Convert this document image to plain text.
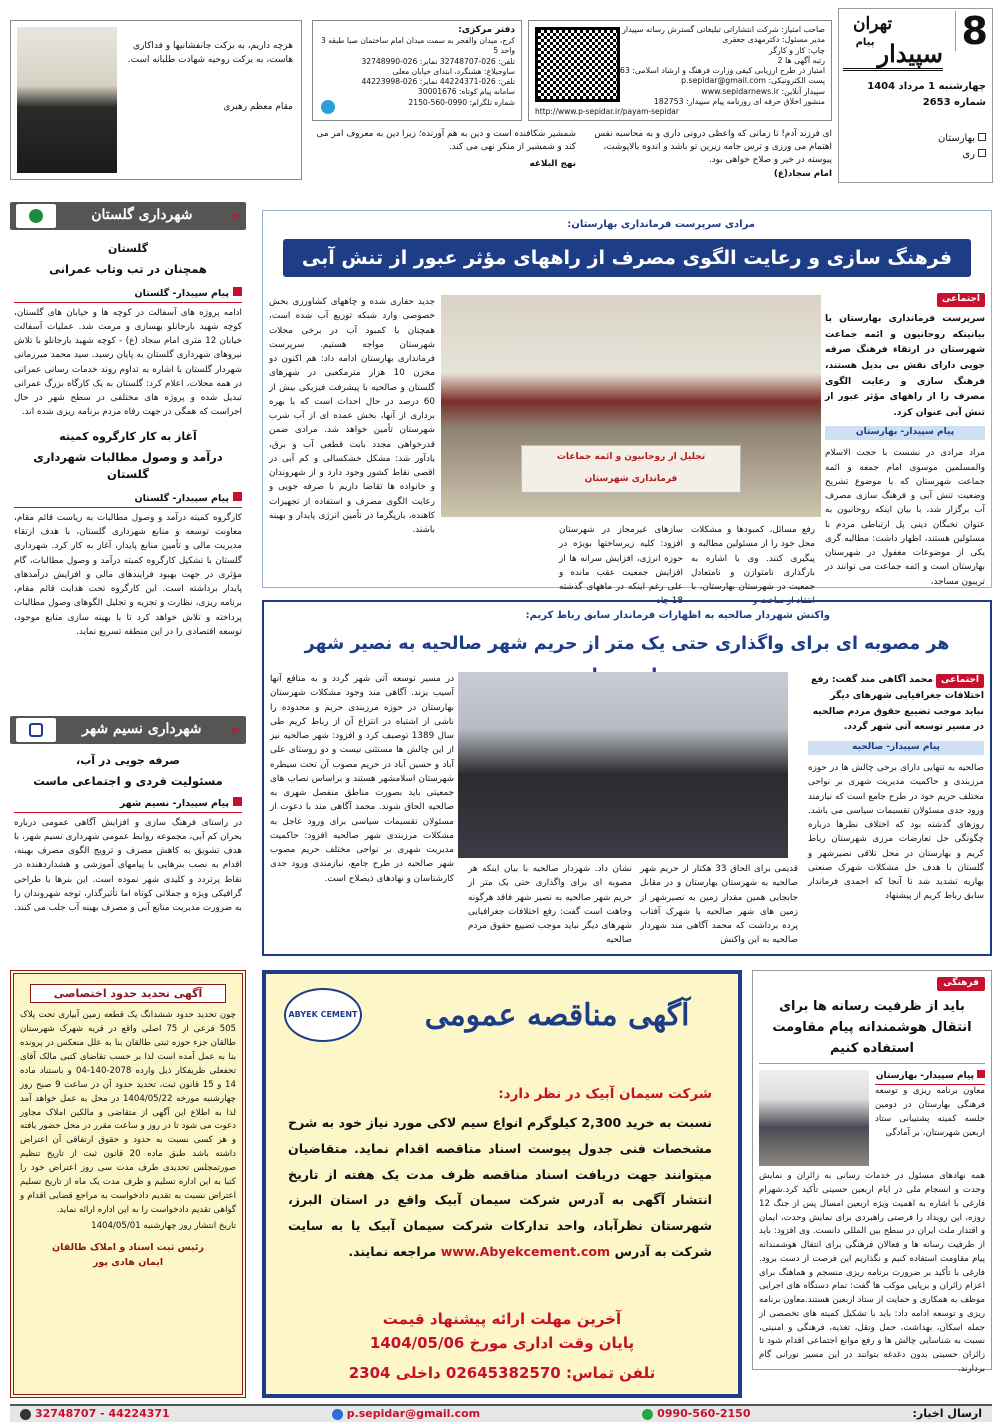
8
تهران
سپیدار پیام
چهارشنبه 1 مرداد 1404
شماره 2653
بهارستان
ری
صاحب امتیاز: شرکت انتشاراتی تبلیغاتی گسترش رسانه سپیدار
مدیر مسئول: دکترمهدی جعفری
چاپ: کار و کارگر
رتبه آگهی ها 2
امتیاز در طرح ارزیابی کیفی وزارت فرهنگ و ارشاد اسلامی: 63
پست الکترونیکی: p.sepidar@gmail.com
سپیدار آنلاین: www.sepidarnews.ir
منشور اخلاق حرفه ای روزنامه پیام سپیدار: 182753
http://www.p-sepidar.ir/payam-sepidar
دفتر مرکزی:
کرج، میدان والفجر به سمت میدان امام ساختمان صبا طبقه 3 واحد 5
تلفن: 026-32748707 نمابر: 026-32748990
ساوجبلاغ: هشتگرد، ابتدای خیابان معلی
تلفن: 026-44224371 نمابر: 026-44223998
سامانه پیام کوتاه: 30001676
شماره تلگرام: 0990-560-2150
ای فرزند آدم! تا زمانی که واعظی درونی داری و به محاسبه نفس اهتمام می ورزی و ترس جامه زیرین تو باشد و اندوه بالاپوشت، پیوسته در خیر و صلاح خواهی بود.
امام سجاد(ع)
شمشیر شکافنده است و دین به هم آورنده؛ زیرا دین به معروف امر می کند و شمشیر از منکر نهی می کند.
نهج البلاغه
هرچه داریم، به برکت جانفشانیها و فداکاری هاست، به برکت روحیه شهادت طلبانه است.
مقام معظم رهبری
«
شهرداری گلستان
گلستان
همچنان در تب وتاب عمرانی
پیام سپیدار- گلستان
ادامه پروژه های آسفالت در کوچه ها و خیابان های گلستان، کوچه شهید بارجانلو بهسازی و مرمت شد. عملیات آسفالت خیابان 12 متری امام سجاد (ع) - کوچه شهید بارجانلو با تلاش نیروهای شهرداری گلستان به پایان رسید. سید محمد میرزمانی شهردار گلستان با اشاره به تداوم روند خدمات رسانی عمرانی در همه محلات، اعلام کرد: گلستان به یک کارگاه بزرگ عمرانی تبدیل شده و پروژه های مختلفی در سطح شهر در حال اجراست که همگی در جهت رفاه مردم برنامه ریزی شده اند.
آغاز به کار کارگروه کمیته
درآمد و وصول مطالبات شهرداری گلستان
پیام سپیدار- گلستان
کارگروه کمیته درآمد و وصول مطالبات به ریاست قائم مقام، معاونت توسعه و منابع شهرداری گلستان، با هدف ارتقاء مدیریت مالی و تأمین منابع پایدار، آغاز به کار کرد. شهرداری گلستان با تشکیل کارگروه کمیته درآمد و وصول مطالبات، گام مؤثری در جهت بهبود فرایندهای مالی و افزایش درآمدهای پایدار برداشته است. این کارگروه تحت هدایت قائم مقام، برنامه ریزی، نظارت و تجزیه و تحلیل الگوهای وصول مطالبات پرداخته و تلاش خواهد کرد تا با بهینه سازی منابع موجود، توسعه اقتصادی را در این منطقه تسریع نماید.
«
شهرداری نسیم شهر
صرفه جویی در آب،
مسئولیت فردی و اجتماعی ماست
پیام سپیدار- نسیم شهر
در راستای فرهنگ سازی و افزایش آگاهی عمومی درباره بحران کم آبی، مجموعه روابط عمومی شهرداری نسیم شهر، با هدف تشویق به کاهش مصرف و ترویج الگوی مصرف بهینه، اقدام به نصب بنرهایی با پیامهای آموزشی و هشداردهنده در نقاط پرتردد و کلیدی شهر نموده است. این بنرها با طراحی گرافیکی ویژه و جملاتی کوتاه اما تأثیرگذار، توجه شهروندان را به ضرورت مدیریت منابع آبی و مصرف بهینه آب جلب می کنند.
مرادی سرپرست فرمانداری بهارستان:
فرهنگ سازی و رعایت الگوی مصرف از راههای مؤثر عبور از تنش آبی
اجتماعی
سرپرست فرمانداری بهارستان با بیانینکه روحانیون و ائمه جماعت شهرستان در ارتقاء فرهنگ صرفه جویی دارای نقش بی بدیل هستند، فرهنگ سازی و رعایت الگوی مصرف را از راههای مؤثر عبور از تنش آبی عنوان کرد.
پیام سپیدار- بهارستان
مراد مرادی در نشست با حجت الاسلام والمسلمین موسوی امام جمعه و ائمه جماعت شهرستان که با موضوع تشریح وضعیت تنش آبی و فرهنگ سازی مصرف آب برگزار شد، با بیان اینکه روحانیون به عنوان نخبگان دینی پل ارتباطی مردم با مسئولین هستند، اظهار داشت: مطالبه گری یکی از موضوعات مغفول در شهرستان بهارستان است و ائمه جماعت می توانند در تریبون مساجد،
تجلیل از روحانیون و ائمه جماعات
فرمانداری شهرستان
رفع مسائل، کمبودها و مشکلات محل خود را از مسئولین مطالبه و پیگیری کنند. وی با اشاره به بارگذاری نامتوازن و نامتعادل جمعیت در شهرستان بهارستان، با انتقاد از ساخت و
سازهای غیرمجاز در شهرستان افزود: کلیه زیرساختها بویژه در حوزه انرژی، افزایش سرانه ها از افزایش جمعیت عقب مانده و علی رغم اینکه در ماههای گذشته 18 چاه
جدید حفاری شده و چاههای کشاورزی بخش خصوصی وارد شبکه توزیع آب شده است، همچنان با کمبود آب در برخی محلات شهرستان مواجه هستیم. سرپرست فرمانداری بهارستان ادامه داد: هم اکنون دو مخزن 10 هزار مترمکعبی در شهرهای گلستان و صالحیه با پیشرفت فیزیکی بیش از 60 درصد در حال احداث است که با بهره برداری از آنها، بخش عمده ای از آب شرب شهرستان تأمین خواهد شد. مرادی ضمن قدرخواهی مجدد بابت قطعی آب و برق، یادآور شد: مشکل خشکسالی و کم آبی در اقصی نقاط کشور وجود دارد و از شهروندان و خانواده ها تقاضا داریم با صرفه جویی و رعایت الگوی مصرف و استفاده از تجهیزات کاهنده، بارپگرما در تأمین انرژی پایدار و بهینه باشند.
واکنش شهردار صالحیه به اظهارات فرماندار سابق رباط کریم:
هر مصوبه ای برای واگذاری حتی یک متر از حریم شهر صالحیه به نصیر شهر
اجتماعی محمد آگاهی مند گفت: رفع اختلافات جغرافیایی شهرهای دیگر نباید موجب تضییع حقوق مردم صالحیه در مسیر توسعه آتی شهر گردد.
پیام سپیدار- صالحیه
صالحیه به تنهایی دارای برخی چالش ها در حوزه مرزبندی و حاکمیت مدیریت شهری بر نواحی مختلف حریم خود در طرح جامع است که نیازمند ورود جدی مسئولان تقسیمات سیاسی می باشد. روزهای گذشته بود که اختلاف نظرها درباره چگونگی حل تعارضات مرزی شهرستان رباط کریم و بهارستان در محل تلاقی نصیرشهر و گلستان با هدف حل مشکلات شهرک صنعتی بهاریه تشدید شد تا آنجا که احمدی فرماندار سابق رباط کریم از پیشنهاد
قدیمی برای الحاق 33 هکتار از حریم شهر صالحیه به شهرستان بهارستان و در مقابل جابجایی همین مقدار زمین به نصیرشهر از زمین های شهر صالحیه با شهرک آفتاب پرده برداشت که محمد آگاهی مند شهردار صالحیه به این واکنش
نشان داد. شهردار صالحیه با بیان اینکه هر مصوبه ای برای واگذاری حتی یک متر از حریم شهر صالحیه به نصیر شهر فاقد هرگونه وجاهت است گفت: رفع اختلافات جغرافیایی شهرهای دیگر نباید موجب تضییع حقوق مردم صالحیه
در مسیر توسعه آتی شهر گردد و به منافع آنها آسیب بزند. آگاهی مند وجود مشکلات شهرستان بهارستان در حوزه مرزبندی حریم و محدوده را ناشی از اشتباه در انتزاع آن از رباط کریم طی سال 1389 توصیف کرد و افزود: شهر صالحیه نیز از این چالش ها مستثنی نیست و دو روستای علی آباد و حسین آباد در حریم مصوب آن تحت سیطره شهرستان اسلامشهر هستند و براساس نصاب های جمعیتی باید بصورت مناطق منفصل شهری به صالحیه الحاق شوند. محمد آگاهی مند با دعوت از مسئولان تقسیمات سیاسی برای ورود عاجل به مشکلات مرزبندی شهر صالحیه افزود: حاکمیت مدیریت شهری بر نواحی مختلف حریم مصوب شهر صالحیه در طرح جامع، نیازمندی ورود جدی کارشناسان و نهادهای ذیصلاح است.
آگهی تحدید حدود اختصاصی
چون تحدید حدود ششدانگ یک قطعه زمین آبیاری تحت پلاک 505 فرعی از 75 اصلی واقع در قریه شهرک شهرستان طالقان جزء حوزه ثبتی طالقان بنا به علل منعکس در پرونده بنا به عمل آمده است لذا بر حسب تقاضای کتبی مالک آقای تحفعلی ظریفکار ذیل وارده 2078-140-04 و باستناد ماده 14 و 15 قانون ثبت، تحدید حدود آن در ساعت 9 صبح روز چهارشنبه مورخه 1404/05/22 در محل به عمل خواهد آمد لذا به اطلاع این آگهی از متقاضی و مالکین املاک مجاور دعوت می شود تا در روز و ساعت مقرر در محل حضور یافته و هر کسی نسبت به حدود و حقوق ارتفاقی آن اعتراض داشته باشد طبق ماده 20 قانون ثبت از تاریخ تنظیم صورتمجلس تحدیدی ظرف مدت سی روز اعتراض خود را کتبا به این اداره تسلیم و ظرف مدت یک ماه از تاریخ تسلیم اعتراض نسبت به تقدیم دادخواست به مراجع قضایی اقدام و گواهی تقدیم دادخواست را به این اداره ارائه نماید.
تاریخ انتشار روز چهارشنبه 1404/05/01
رئیس ثبت اسناد و املاک طالقان
ایمان هادی پور
ABYEK CEMENT	آگهی مناقصه عمومی
شرکت سیمان آبیک در نظر دارد:
نسبت به خرید 2,300 کیلوگرم انواع سیم لاکی مورد نیاز خود به شرح مشخصات فنی جدول پیوست اسناد مناقصه اقدام نماید. متقاضیان میتوانند جهت دریافت اسناد مناقصه ظرف مدت یک هفته از تاریخ انتشار آگهی به آدرس شرکت سیمان آبیک واقع در استان البرز، شهرستان نظرآباد، واحد تدارکات شرکت سیمان آبیک یا به سایت شرکت به آدرس www.Abyekcement.com مراجعه نمایند.
آخرین مهلت ارائه پیشنهاد قیمت
پایان وقت اداری مورخ 1404/05/06
تلفن تماس: 02645382570 داخلی 2304
فرهنگی
باید از ظرفیت رسانه ها برای انتقال هوشمندانه پیام مقاومت استفاده کنیم
پیام سپیدار- بهارستان
معاون برنامه ریزی و توسعه فرهنگی بهارستان در دومین جلسه کمیته پشتیبانی ستاد اربعین شهرستان، بر آمادگی
همه نهادهای مسئول در خدمات رسانی به زائران و نمایش وحدت و انسجام ملی در ایام اربعین حسینی تأکید کرد.شهرام فارغی با اشاره به اهمیت ویژه اربعین امسال پس از جنگ 12 روزه، این رویداد را فرصتی راهبردی برای نمایش وحدت، ایمان و اقتدار ملت ایران در سطح بین المللی دانست. وی افزود: باید از ظرفیت رسانه ها و فعالان فرهنگی برای انتقال هوشمندانه پیام مقاومت استفاده کنیم و نگذاریم این فرصت از دست برود. فارغی با تأکید بر ضرورت برنامه ریزی منسجم و هماهنگ برای اعزام زائران و برپایی موکب ها گفت: تمام دستگاه های اجرایی موظف به همکاری و حمایت از ستاد اربعین هستند.معاون برنامه ریزی و توسعه ادامه داد: باید با تشکیل کمیته های تخصصی از جمله اسکان، بهداشت، حمل ونقل، تغذیه، فرهنگی و امنیتی، نسبت به شناسایی چالش ها و رفع موانع اجتماعی اقدام شود تا زائران حسینی بدون دغدغه بتوانند در این مسیر نورانی گام بردارند.
ارسال اخبار:
0990-560-2150
p.sepidar@gmail.com
32748707 - 44224371
